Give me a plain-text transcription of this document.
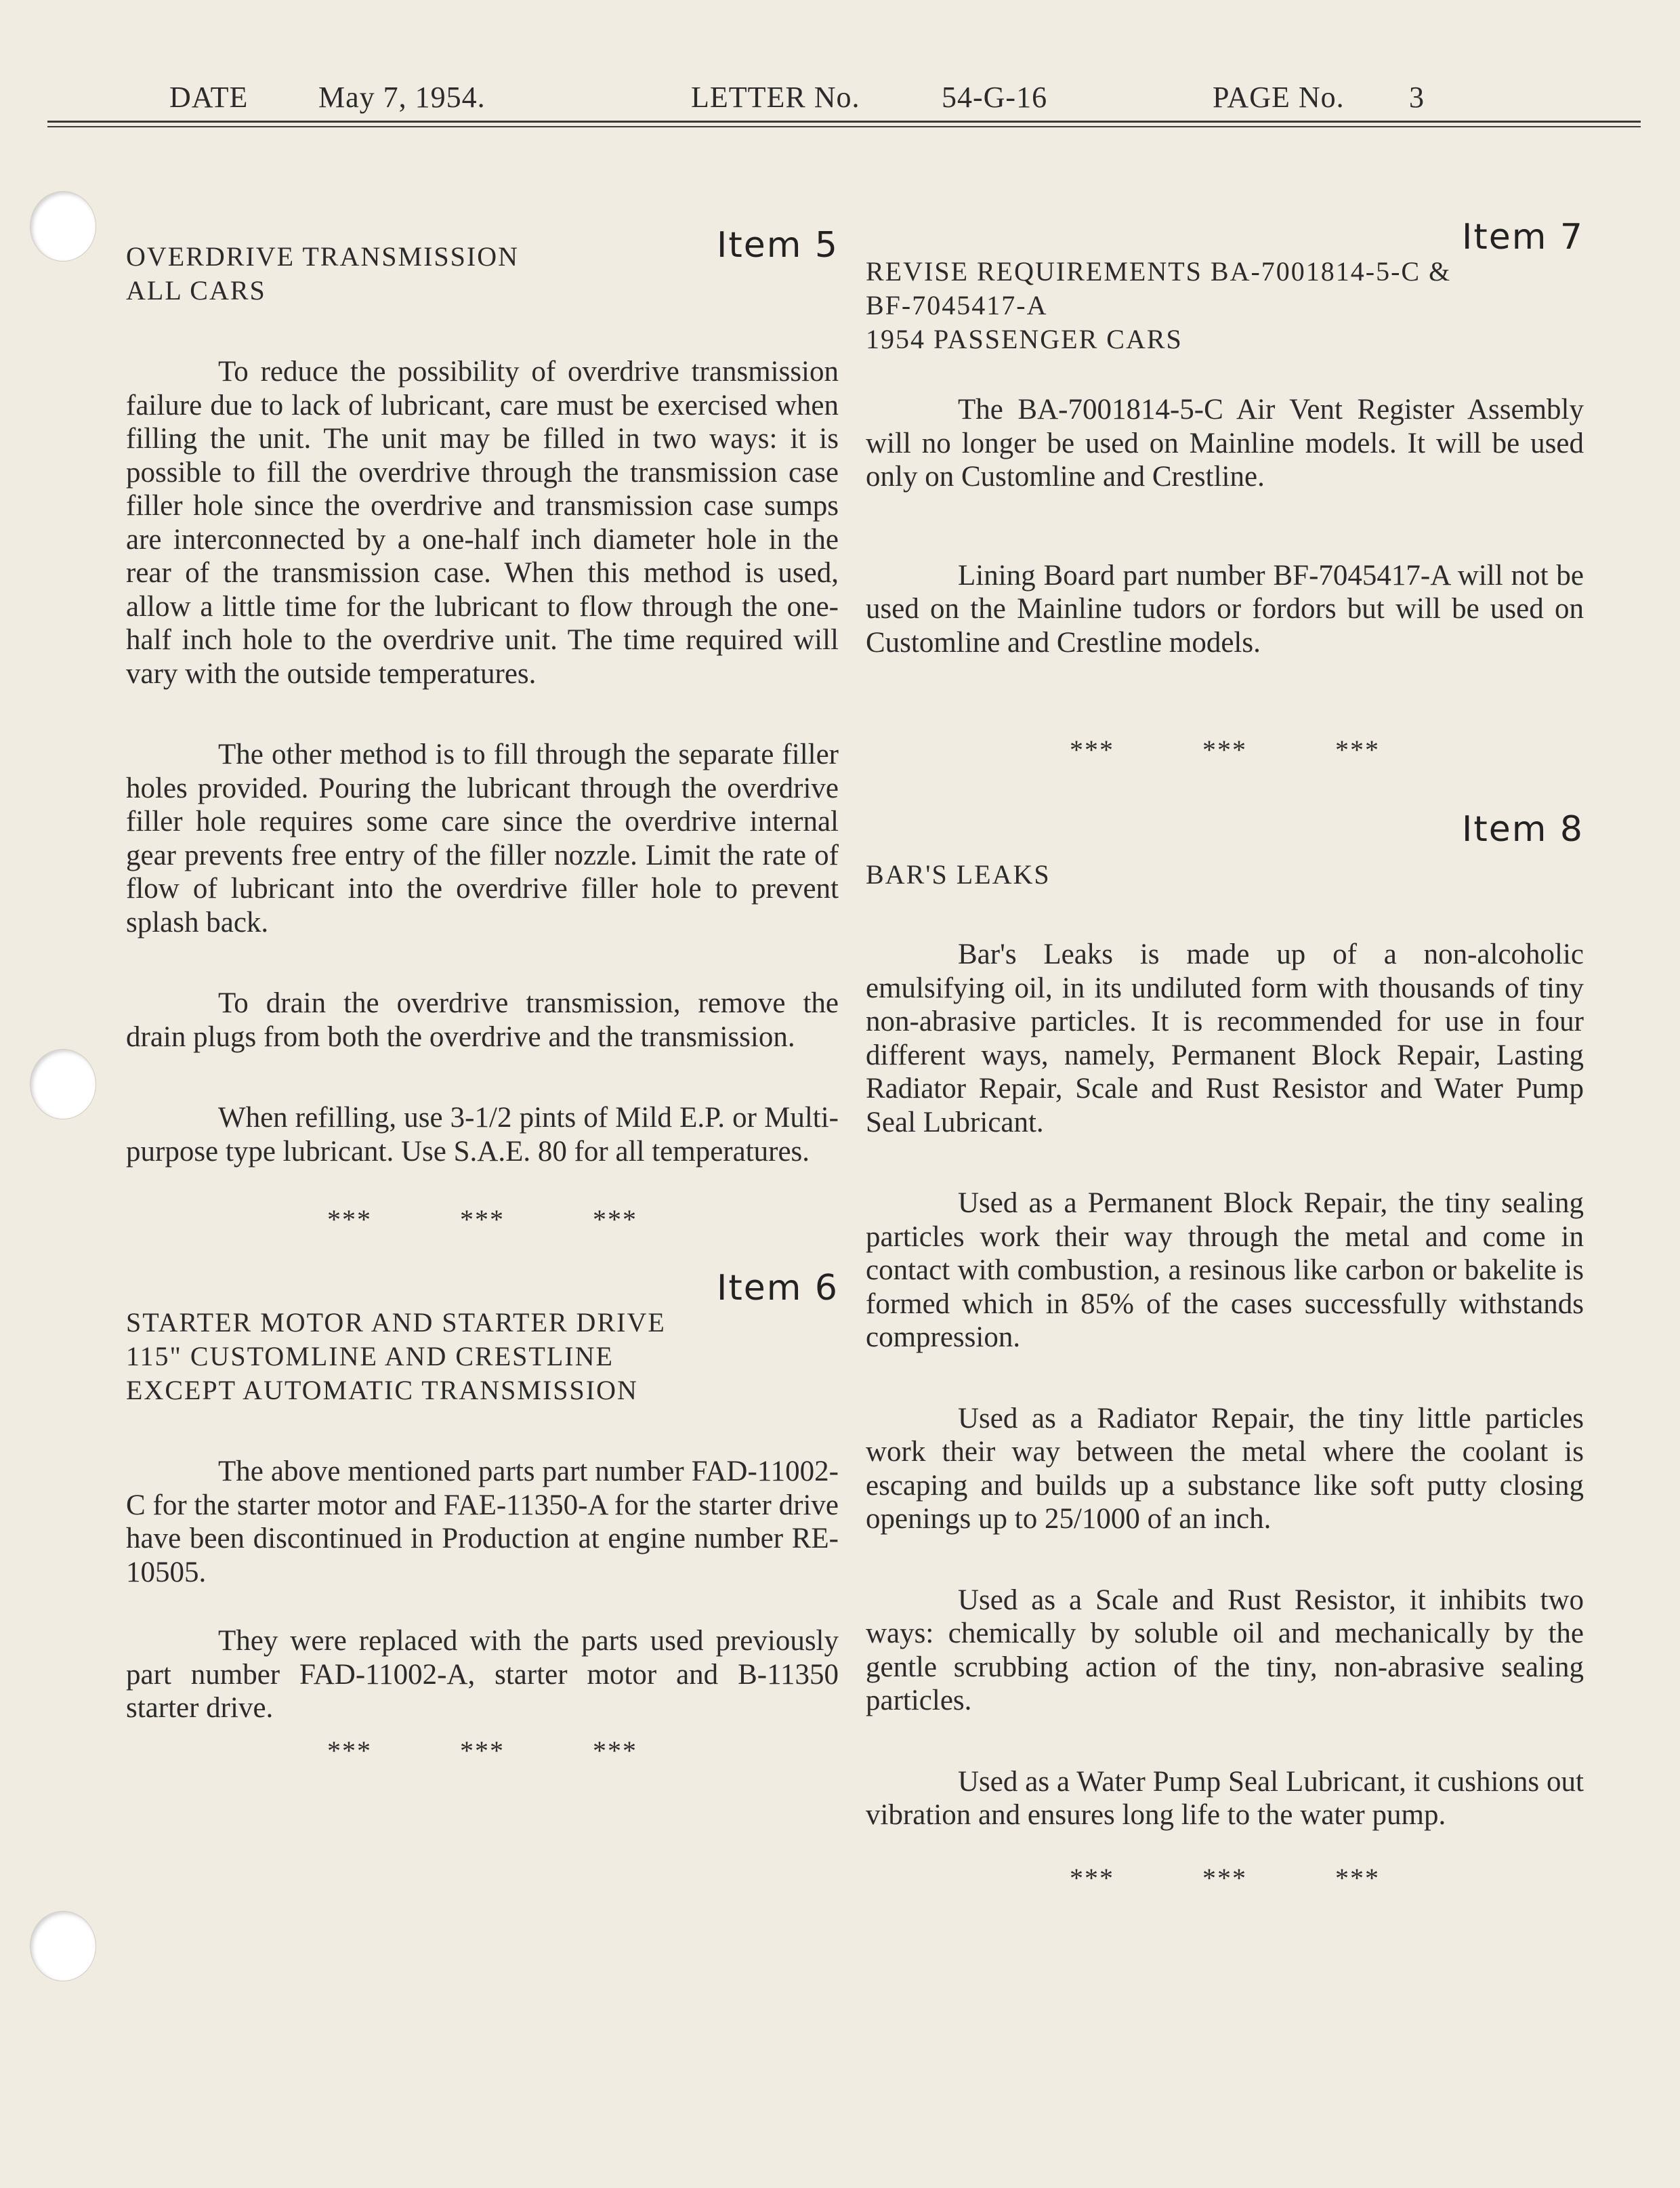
DATE May 7, 1954.	LETTER No.	54-G-16	PAGE No. 3
Item 5
OVERDRIVE TRANSMISSION
ALL CARS

To reduce the possibility of overdrive transmission failure due to lack of lubricant, care must be exercised when filling the unit. The unit may be filled in two ways: it is possible to fill the overdrive through the transmission case filler hole since the overdrive and transmission case sumps are interconnected by a one-half inch diameter hole in the rear of the transmission case. When this method is used, allow a little time for the lubricant to flow through the one-half inch hole to the overdrive unit. The time required will vary with the outside temperatures.

The other method is to fill through the separate filler holes provided. Pouring the lubricant through the overdrive filler hole requires some care since the overdrive internal gear prevents free entry of the filler nozzle. Limit the rate of flow of lubricant into the overdrive filler hole to prevent splash back.

To drain the overdrive transmission, remove the drain plugs from both the overdrive and the transmission.

When refilling, use 3-1/2 pints of Mild E.P. or Multi-purpose type lubricant. Use S.A.E. 80 for all temperatures.

***	***	***
Item 6
STARTER MOTOR AND STARTER DRIVE
115" CUSTOMLINE AND CRESTLINE
EXCEPT AUTOMATIC TRANSMISSION

The above mentioned parts part number FAD-11002-C for the starter motor and FAE-11350-A for the starter drive have been discontinued in Production at engine number RE-10505.

They were replaced with the parts used previously part number FAD-11002-A, starter motor and B-11350 starter drive.

***	***	***
Item 7
REVISE REQUIREMENTS BA-7001814-5-C &
BF-7045417-A
1954 PASSENGER CARS

The BA-7001814-5-C Air Vent Register Assembly will no longer be used on Mainline models. It will be used only on Customline and Crestline.

Lining Board part number BF-7045417-A will not be used on the Mainline tudors or fordors but will be used on Customline and Crestline models.

***	***	***
Item 8
BAR'S LEAKS

Bar's Leaks is made up of a non-alcoholic emulsifying oil, in its undiluted form with thousands of tiny non-abrasive particles. It is recommended for use in four different ways, namely, Permanent Block Repair, Lasting Radiator Repair, Scale and Rust Resistor and Water Pump Seal Lubricant.

Used as a Permanent Block Repair, the tiny sealing particles work their way through the metal and come in contact with combustion, a resinous like carbon or bakelite is formed which in 85% of the cases successfully withstands compression.

Used as a Radiator Repair, the tiny little particles work their way between the metal where the coolant is escaping and builds up a substance like soft putty closing openings up to 25/1000 of an inch.

Used as a Scale and Rust Resistor, it inhibits two ways: chemically by soluble oil and mechanically by the gentle scrubbing action of the tiny, non-abrasive sealing particles.

Used as a Water Pump Seal Lubricant, it cushions out vibration and ensures long life to the water pump.

***	***	***
